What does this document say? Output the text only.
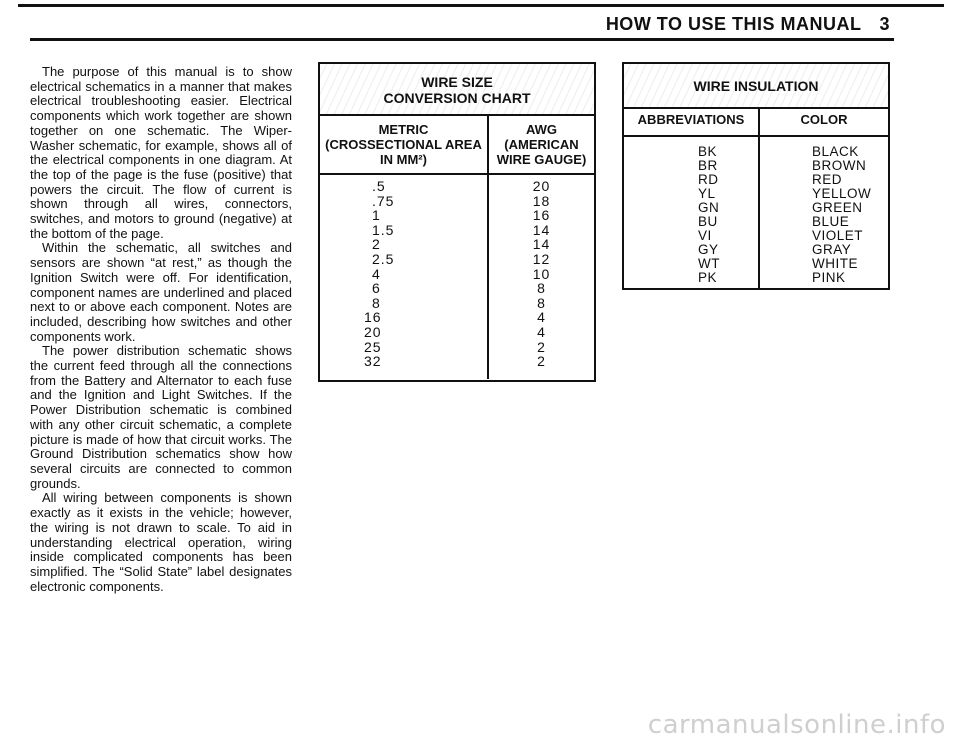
HOW TO USE THIS MANUAL 3

The purpose of this manual is to show electrical schematics in a manner that makes electrical troubleshooting easier. Electrical components which work together are shown together on one schematic. The Wiper-Washer schematic, for example, shows all of the electrical components in one diagram. At the top of the page is the fuse (positive) that powers the circuit. The flow of current is shown through all wires, connectors, switches, and motors to ground (negative) at the bottom of the page.

Within the schematic, all switches and sensors are shown “at rest,” as though the Ignition Switch were off. For identification, component names are underlined and placed next to or above each component. Notes are included, describing how switches and other components work.

The power distribution schematic shows the current feed through all the connections from the Battery and Alternator to each fuse and the Ignition and Light Switches. If the Power Distribution schematic is combined with any other circuit schematic, a complete picture is made of how that circuit works. The Ground Distribution schematics show how several circuits are connected to common grounds.

All wiring between components is shown exactly as it exists in the vehicle; however, the wiring is not drawn to scale. To aid in understanding electrical operation, wiring inside complicated components has been simplified. The “Solid State” label designates electronic components.

WIRE SIZE
CONVERSION CHART
METRIC
(CROSSECTIONAL AREA
IN MM²)
AWG
(AMERICAN
WIRE GAUGE)
.5
.75
1
1.5
2
2.5
4
6
8
16
20
25
32
20
18
16
14
14
12
10
8
8
4
4
2
2
WIRE INSULATION
ABBREVIATIONS	COLOR
BK
BR
RD
YL
GN
BU
VI
GY
WT
PK
BLACK
BROWN
RED
YELLOW
GREEN
BLUE
VIOLET
GRAY
WHITE
PINK
carmanualsonline.info
